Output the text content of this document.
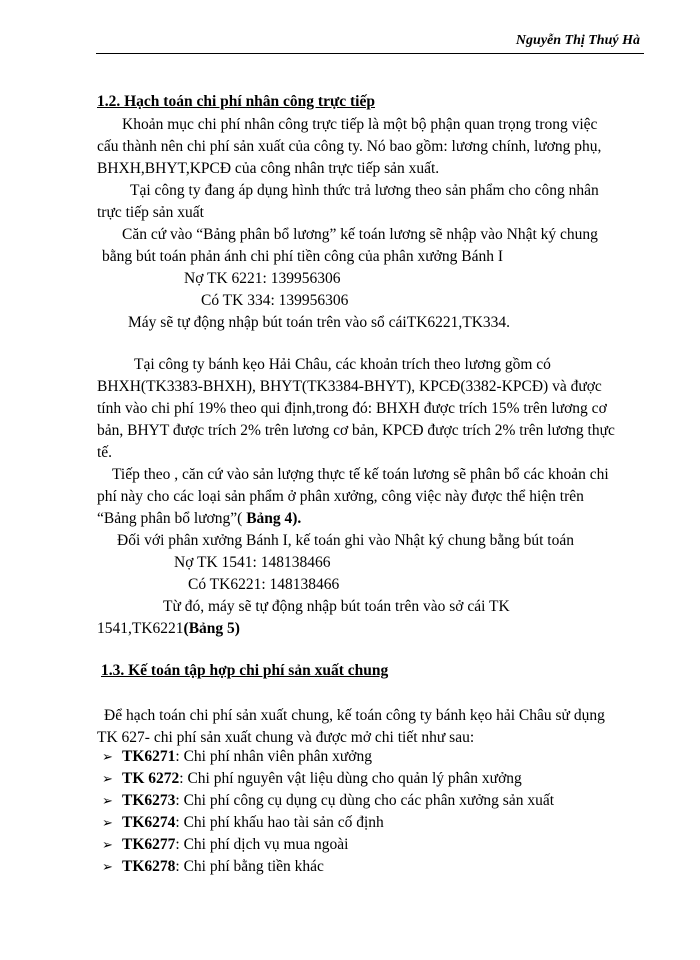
Nguyễn Thị Thuý Hà
1.2. Hạch toán chi phí nhân công trực tiếp
Khoản mục chi phí nhân công trực tiếp là một bộ phận quan trọng trong việc
cấu thành nên chi phí sản xuất của công ty. Nó bao gồm: lương chính, lương phụ,
BHXH,BHYT,KPCĐ của công nhân trực tiếp sản xuất.
Tại công ty đang áp dụng hình thức trả lương theo sản phẩm cho công nhân
trực tiếp sản xuất
Căn cứ vào “Bảng phân bổ lương” kế toán lương sẽ nhập vào Nhật ký chung
bằng bút toán phản ánh chi phí tiền công của phân xưởng Bánh I
Nợ TK 6221: 139956306
Có TK 334: 139956306
Máy sẽ tự động nhập bút toán trên vào sổ cáiTK6221,TK334.
Tại công ty bánh kẹo Hải Châu, các khoản trích theo lương gồm có
BHXH(TK3383-BHXH), BHYT(TK3384-BHYT), KPCĐ(3382-KPCĐ) và được
tính vào chi phí 19% theo qui định,trong đó: BHXH được trích 15% trên lương cơ
bản, BHYT được trích 2% trên lương cơ bản, KPCĐ được trích 2% trên lương thực
tế.
Tiếp theo , căn cứ vào sản lượng thực tế kế toán lương sẽ phân bổ các khoản chi
phí này cho các loại sản phẩm ở phân xưởng, công việc này được thể hiện trên
“Bảng phân bổ lương”( Bảng 4).
Đối với phân xưởng Bánh I, kế toán ghi vào Nhật ký chung bằng bút toán
Nợ TK 1541: 148138466
Có TK6221: 148138466
Từ đó, máy sẽ tự động nhập bút toán trên vào sở cái TK
1541,TK6221(Bảng 5)
1.3. Kế toán tập hợp chi phí sản xuất chung
Để hạch toán chi phí sản xuất chung, kế toán công ty bánh kẹo hải Châu sử dụng
TK 627- chi phí sản xuất chung và được mở chi tiết như sau:
➢ TK6271: Chi phí nhân viên phân xưởng
➢ TK 6272: Chi phí nguyên vật liệu dùng cho quản lý phân xưởng
➢ TK6273: Chi phí công cụ dụng cụ dùng cho các phân xưởng sản xuất
➢ TK6274: Chi phí khấu hao tài sản cố định
➢ TK6277: Chi phí dịch vụ mua ngoài
➢ TK6278: Chi phí bằng tiền khác
